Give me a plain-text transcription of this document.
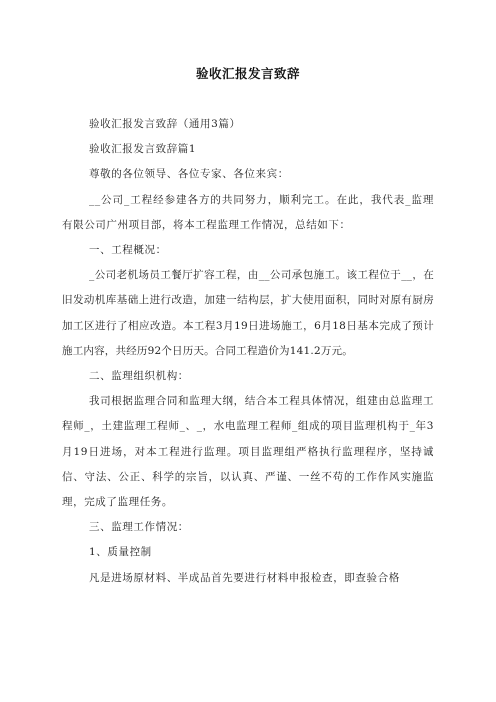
验收汇报发言致辞

验收汇报发言致辞（通用3篇）

验收汇报发言致辞篇1

尊敬的各位领导、各位专家、各位来宾：

__公司_工程经参建各方的共同努力，顺利完工。在此，我代表_监理有限公司广州项目部，将本工程监理工作情况，总结如下：

一、工程概况：

_公司老机场员工餐厅扩容工程，由__公司承包施工。该工程位于__，在旧发动机库基础上进行改造，加建一结构层，扩大使用面积，同时对原有厨房加工区进行了相应改造。本工程3月19日进场施工，6月18日基本完成了预计施工内容，共经历92个日历天。合同工程造价为141.2万元。

二、监理组织机构：

我司根据监理合同和监理大纲，结合本工程具体情况，组建由总监理工程师_，土建监理工程师_、_，水电监理工程师_组成的项目监理机构于_年3月19日进场，对本工程进行监理。项目监理组严格执行监理程序，坚持诚信、守法、公正、科学的宗旨，以认真、严谨、一丝不苟的工作作风实施监理，完成了监理任务。

三、监理工作情况：

1、质量控制

凡是进场原材料、半成品首先要进行材料申报检查，即查验合格
